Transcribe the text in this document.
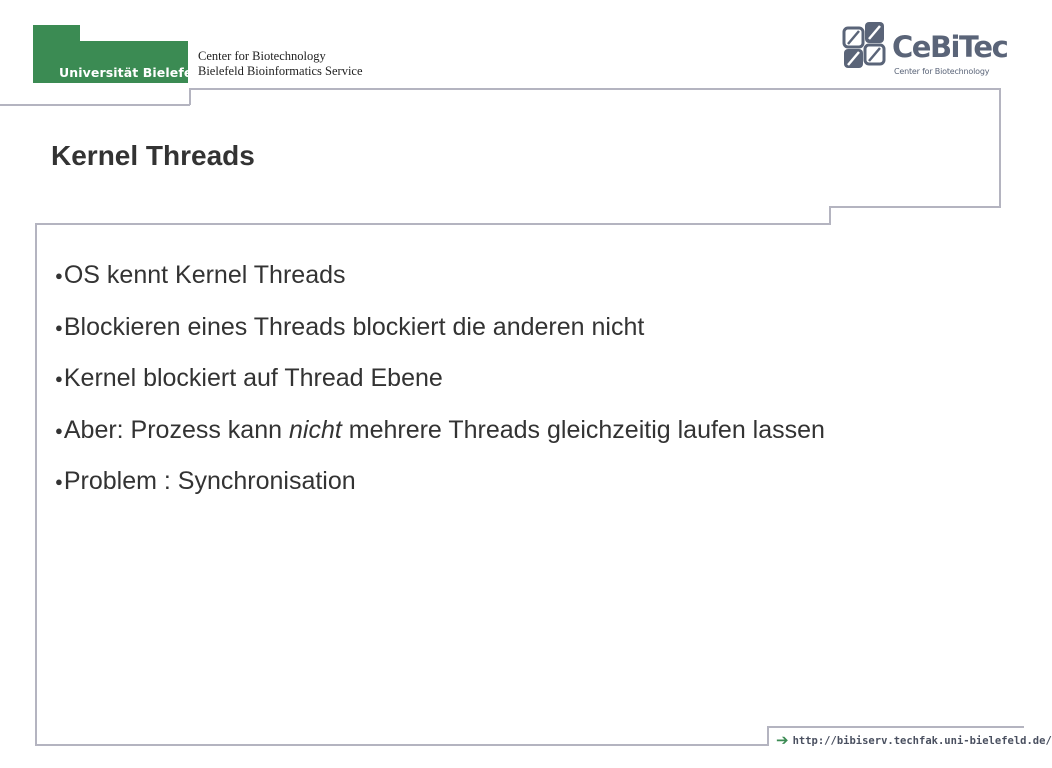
Universität Bielefeld
Center for Biotechnology
Bielefeld Bioinformatics Service
CeBiTec
Center for Biotechnology
Kernel Threads
●OS kennt Kernel Threads
●Blockieren eines Threads blockiert die anderen nicht
●Kernel blockiert auf Thread Ebene
●Aber: Prozess kann nicht mehrere Threads gleichzeitig laufen lassen
●Problem : Synchronisation
➔ http://bibiserv.techfak.uni-bielefeld.de/
